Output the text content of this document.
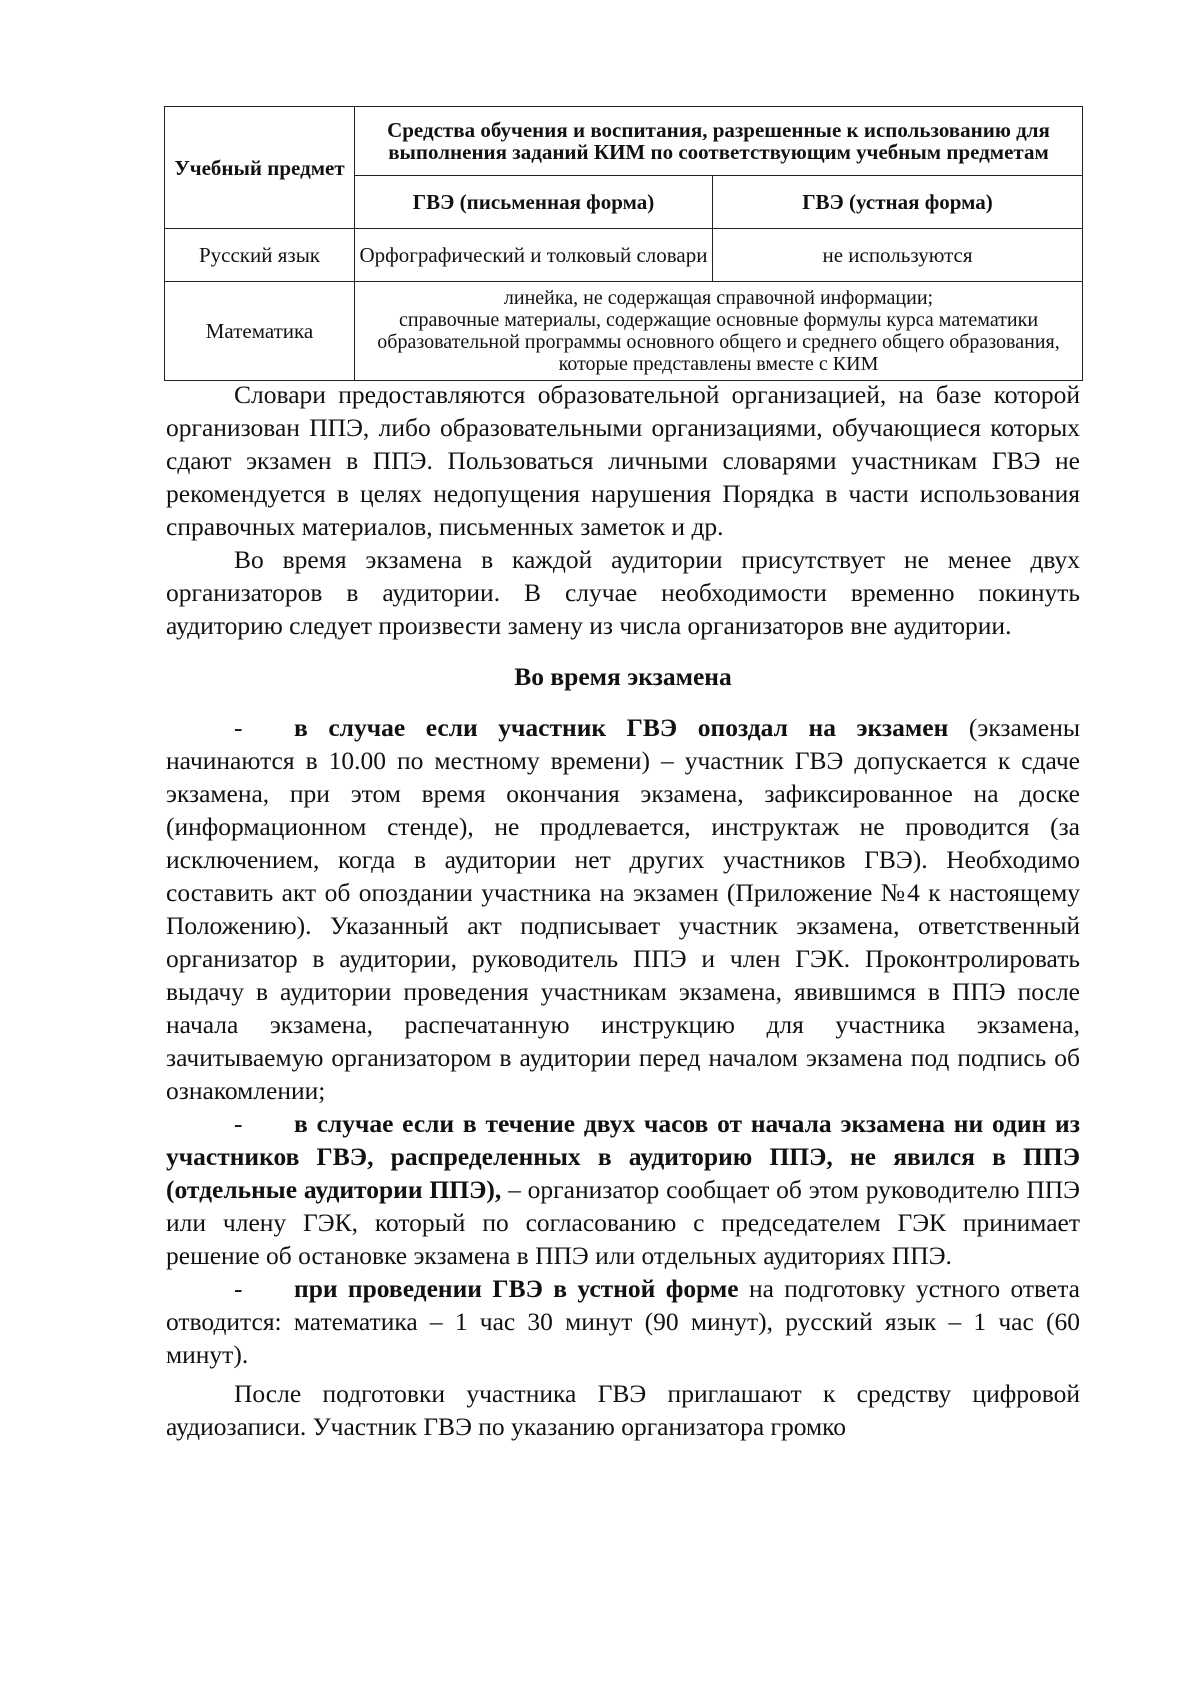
Учебный предмет	Средства обучения и воспитания, разрешенные к использованию для выполнения заданий КИМ по соответствующим учебным предметам	
	ГВЭ (письменная форма)	ГВЭ (устная форма)
Русский язык	Орфографический и толковый словари	не используются
Математика	линейка, не содержащая справочной информации;
справочные материалы, содержащие основные формулы курса математики образовательной программы основного общего и среднего общего образования, которые представлены вместе с КИМ	

Словари предоставляются образовательной организацией, на базе которой организован ППЭ, либо образовательными организациями, обучающиеся которых сдают экзамен в ППЭ. Пользоваться личными словарями участникам ГВЭ не рекомендуется в целях недопущения нарушения Порядка в части использования справочных материалов, письменных заметок и др.

Во время экзамена в каждой аудитории присутствует не менее двух организаторов в аудитории. В случае необходимости временно покинуть аудиторию следует произвести замену из числа организаторов вне аудитории.

Во время экзамена

- в случае если участник ГВЭ опоздал на экзамен (экзамены начинаются в 10.00 по местному времени) – участник ГВЭ допускается к сдаче экзамена, при этом время окончания экзамена, зафиксированное на доске (информационном стенде), не продлевается, инструктаж не проводится (за исключением, когда в аудитории нет других участников ГВЭ). Необходимо составить акт об опоздании участника на экзамен (Приложение №4 к настоящему Положению). Указанный акт подписывает участник экзамена, ответственный организатор в аудитории, руководитель ППЭ и член ГЭК. Проконтролировать выдачу в аудитории проведения участникам экзамена, явившимся в ППЭ после начала экзамена, распечатанную инструкцию для участника экзамена, зачитываемую организатором в аудитории перед началом экзамена под подпись об ознакомлении;

- в случае если в течение двух часов от начала экзамена ни один из участников ГВЭ, распределенных в аудиторию ППЭ, не явился в ППЭ (отдельные аудитории ППЭ), – организатор сообщает об этом руководителю ППЭ или члену ГЭК, который по согласованию с председателем ГЭК принимает решение об остановке экзамена в ППЭ или отдельных аудиториях ППЭ.

- при проведении ГВЭ в устной форме на подготовку устного ответа отводится: математика – 1 час 30 минут (90 минут), русский язык – 1 час (60 минут).

После подготовки участника ГВЭ приглашают к средству цифровой аудиозаписи. Участник ГВЭ по указанию организатора громко
